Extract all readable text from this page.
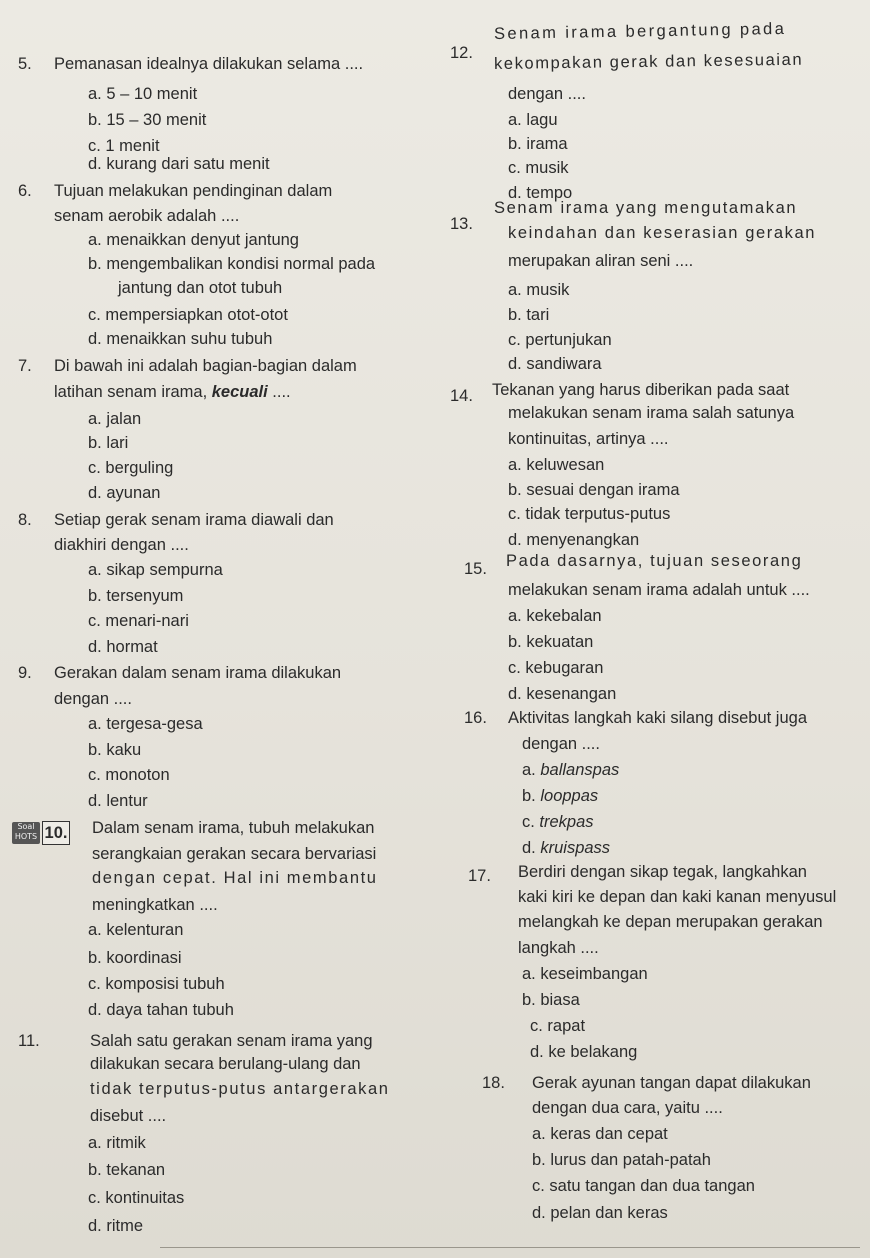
5. Pemanasan idealnya dilakukan selama ....
a. 5 – 10 menit
b. 15 – 30 menit
c. 1 menit
d. kurang dari satu menit
6. Tujuan melakukan pendinginan dalam
senam aerobik adalah ....
a. menaikkan denyut jantung
b. mengembalikan kondisi normal pada
jantung dan otot tubuh
c. mempersiapkan otot-otot
d. menaikkan suhu tubuh
7. Di bawah ini adalah bagian-bagian dalam
latihan senam irama, kecuali ....
a. jalan
b. lari
c. berguling
d. ayunan
8. Setiap gerak senam irama diawali dan
diakhiri dengan ....
a. sikap sempurna
b. tersenyum
c. menari-nari
d. hormat
9. Gerakan dalam senam irama dilakukan
dengan ....
a. tergesa-gesa
b. kaku
c. monoton
d. lentur
Soal
HOTS 10. Dalam senam irama, tubuh melakukan
serangkaian gerakan secara bervariasi
dengan cepat. Hal ini membantu
meningkatkan ....
a. kelenturan
b. koordinasi
c. komposisi tubuh
d. daya tahan tubuh
11.	Salah satu gerakan senam irama yang
dilakukan secara berulang-ulang dan
tidak terputus-putus antargerakan
disebut ....
a. ritmik
b. tekanan
c. kontinuitas
d. ritme
12.
Senam irama bergantung pada
kekompakan gerak dan kesesuaian
dengan ....
a. lagu
b. irama
c. musik
d. tempo
13.
Senam irama yang mengutamakan
keindahan dan keserasian gerakan
merupakan aliran seni ....
a. musik
b. tari
c. pertunjukan
d. sandiwara
14. Tekanan yang harus diberikan pada saat
melakukan senam irama salah satunya
kontinuitas, artinya ....
a. keluwesan
b. sesuai dengan irama
c. tidak terputus-putus
d. menyenangkan
15. Pada dasarnya, tujuan seseorang
melakukan senam irama adalah untuk ....
a. kekebalan
b. kekuatan
c. kebugaran
d. kesenangan
16. Aktivitas langkah kaki silang disebut juga
dengan ....
a. ballanspas
b. looppas
c. trekpas
d. kruispass
17. Berdiri dengan sikap tegak, langkahkan
kaki kiri ke depan dan kaki kanan menyusul
melangkah ke depan merupakan gerakan
langkah ....
a. keseimbangan
b. biasa
c. rapat
d. ke belakang
18. Gerak ayunan tangan dapat dilakukan
dengan dua cara, yaitu ....
a. keras dan cepat
b. lurus dan patah-patah
c. satu tangan dan dua tangan
d. pelan dan keras
